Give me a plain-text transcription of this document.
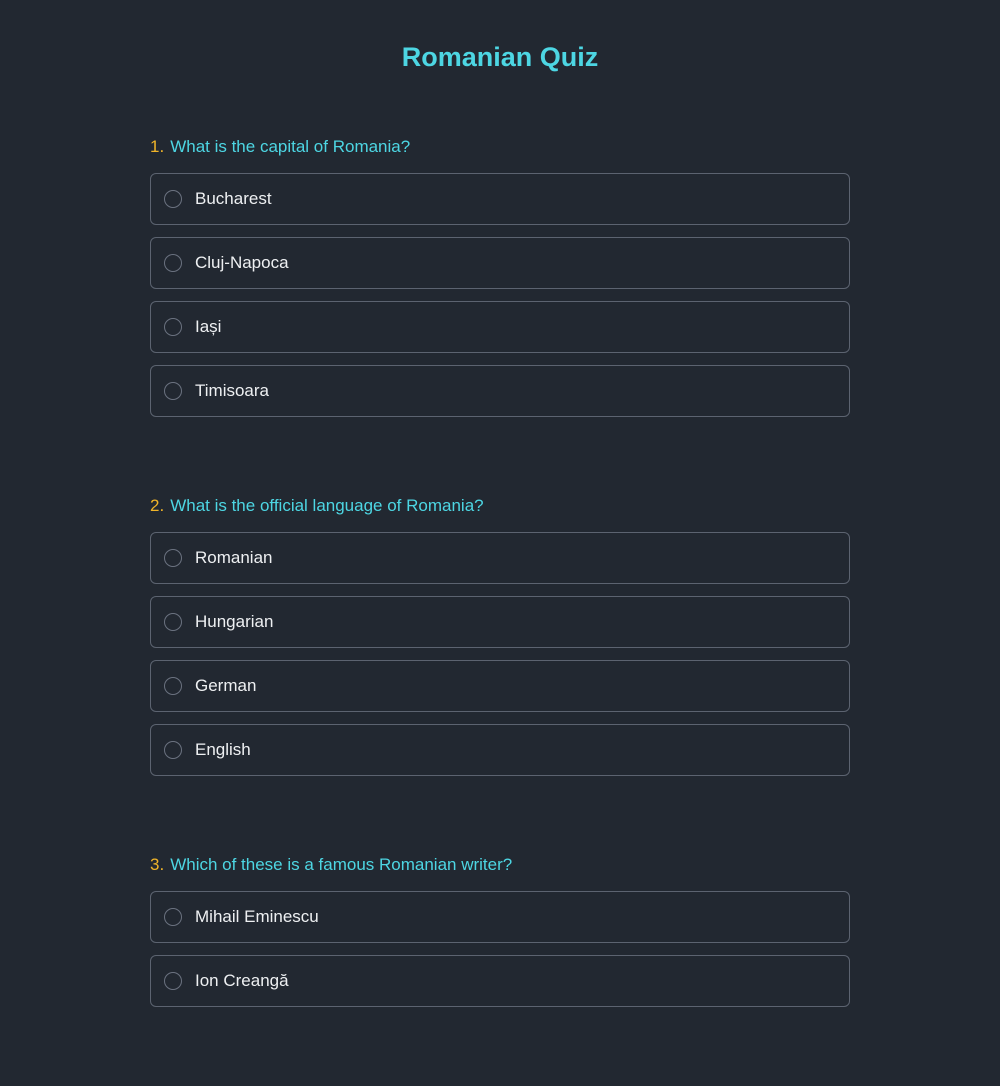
Romanian Quiz

1. What is the capital of Romania?

Bucharest
Cluj-Napoca
Iași
Timisoara

2. What is the official language of Romania?

Romanian
Hungarian
German
English

3. Which of these is a famous Romanian writer?

Mihail Eminescu
Ion Creangă
